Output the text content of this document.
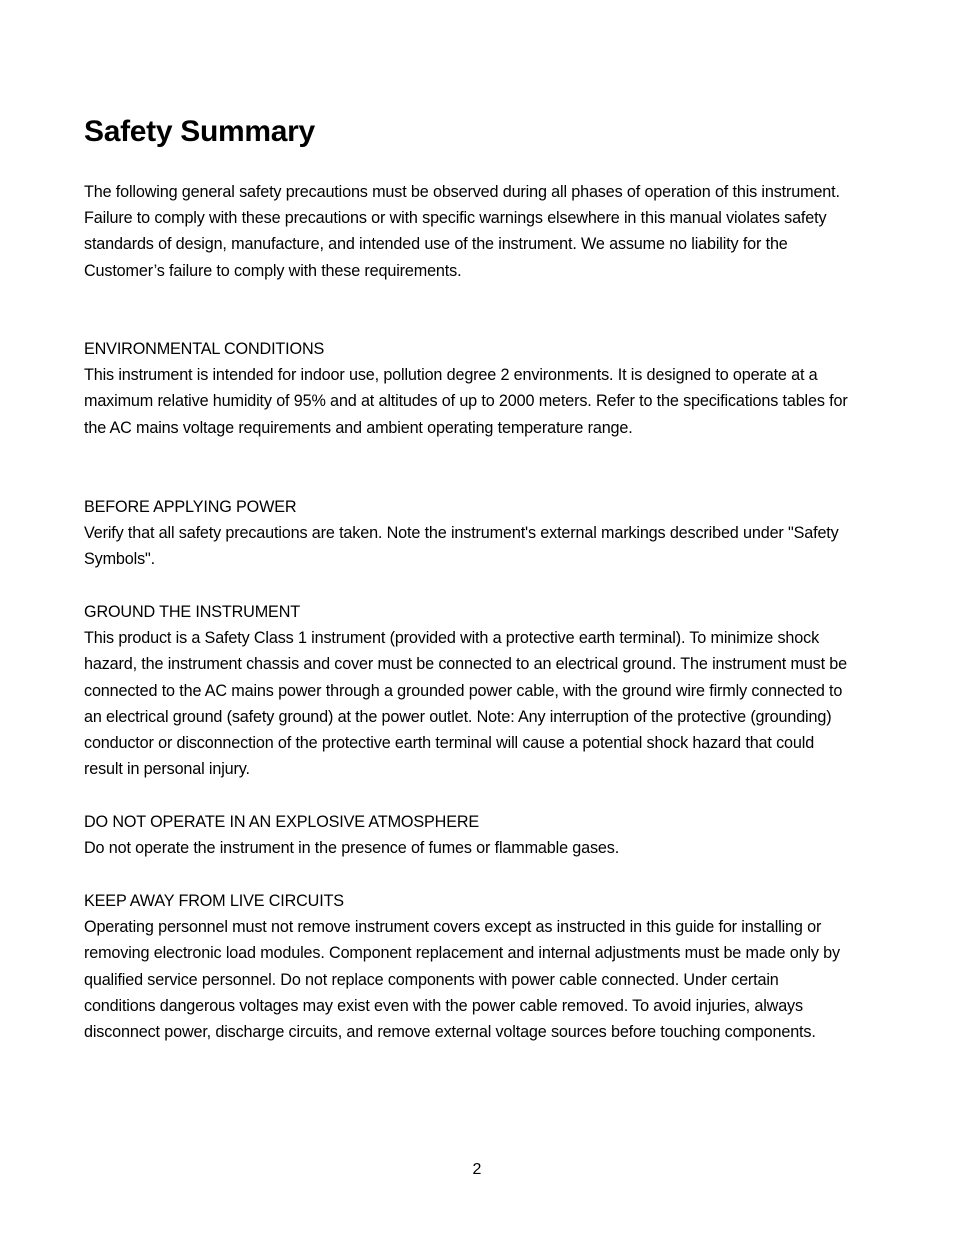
Safety Summary

The following general safety precautions must be observed during all phases of operation of this instrument. Failure to comply with these precautions or with specific warnings elsewhere in this manual violates safety standards of design, manufacture, and intended use of the instrument. We assume no liability for the Customer’s failure to comply with these requirements.

ENVIRONMENTAL CONDITIONS
This instrument is intended for indoor use, pollution degree 2 environments. It is designed to operate at a maximum relative humidity of 95% and at altitudes of up to 2000 meters. Refer to the specifications tables for the AC mains voltage requirements and ambient operating temperature range.
BEFORE APPLYING POWER
Verify that all safety precautions are taken. Note the instrument's external markings described under "Safety Symbols".
GROUND THE INSTRUMENT
This product is a Safety Class 1 instrument (provided with a protective earth terminal). To minimize shock hazard, the instrument chassis and cover must be connected to an electrical ground. The instrument must be connected to the AC mains power through a grounded power cable, with the ground wire firmly connected to an electrical ground (safety ground) at the power outlet. Note: Any interruption of the protective (grounding) conductor or disconnection of the protective earth terminal will cause a potential shock hazard that could result in personal injury.
DO NOT OPERATE IN AN EXPLOSIVE ATMOSPHERE
Do not operate the instrument in the presence of fumes or flammable gases.
KEEP AWAY FROM LIVE CIRCUITS
Operating personnel must not remove instrument covers except as instructed in this guide for installing or removing electronic load modules. Component replacement and internal adjustments must be made only by qualified service personnel. Do not replace components with power cable connected. Under certain conditions dangerous voltages may exist even with the power cable removed. To avoid injuries, always disconnect power, discharge circuits, and remove external voltage sources before touching components.

2
